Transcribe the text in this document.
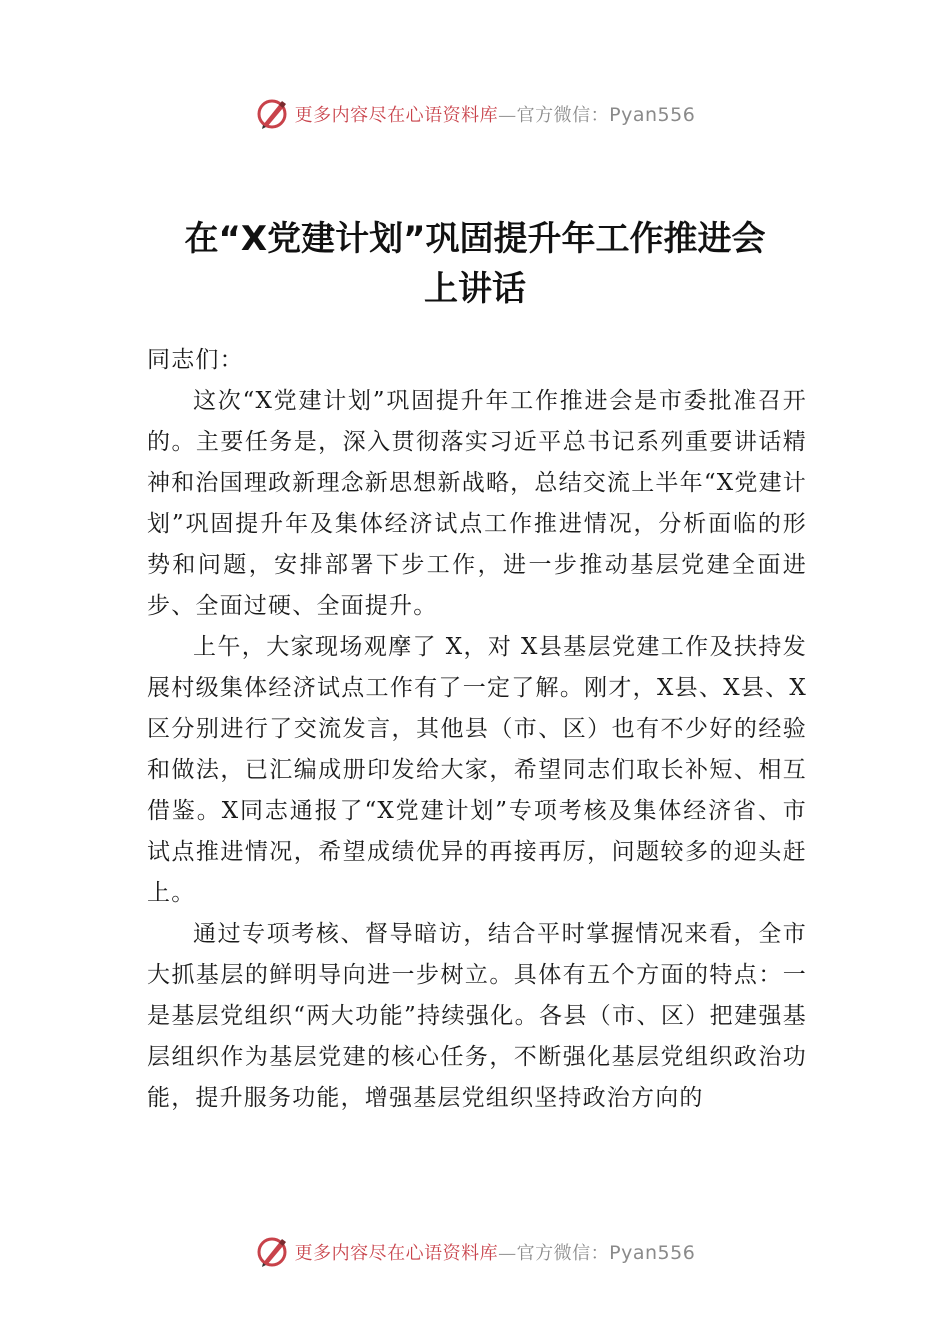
更多内容尽在心语资料库—官方微信：Pyan556
在“X党建计划”巩固提升年工作推进会
上讲话

同志们：

这次“X党建计划”巩固提升年工作推进会是市委批准召开的。主要任务是，深入贯彻落实习近平总书记系列重要讲话精神和治国理政新理念新思想新战略，总结交流上半年“X党建计划”巩固提升年及集体经济试点工作推进情况，分析面临的形势和问题，安排部署下步工作，进一步推动基层党建全面进步、全面过硬、全面提升。

上午，大家现场观摩了 X，对 X县基层党建工作及扶持发展村级集体经济试点工作有了一定了解。刚才，X县、X县、X区分别进行了交流发言，其他县（市、区）也有不少好的经验和做法，已汇编成册印发给大家，希望同志们取长补短、相互借鉴。X同志通报了“X党建计划”专项考核及集体经济省、市试点推进情况，希望成绩优异的再接再厉，问题较多的迎头赶上。

通过专项考核、督导暗访，结合平时掌握情况来看，全市大抓基层的鲜明导向进一步树立。具体有五个方面的特点：一是基层党组织“两大功能”持续强化。各县（市、区）把建强基层组织作为基层党建的核心任务，不断强化基层党组织政治功能，提升服务功能，增强基层党组织坚持政治方向的

更多内容尽在心语资料库—官方微信：Pyan556
